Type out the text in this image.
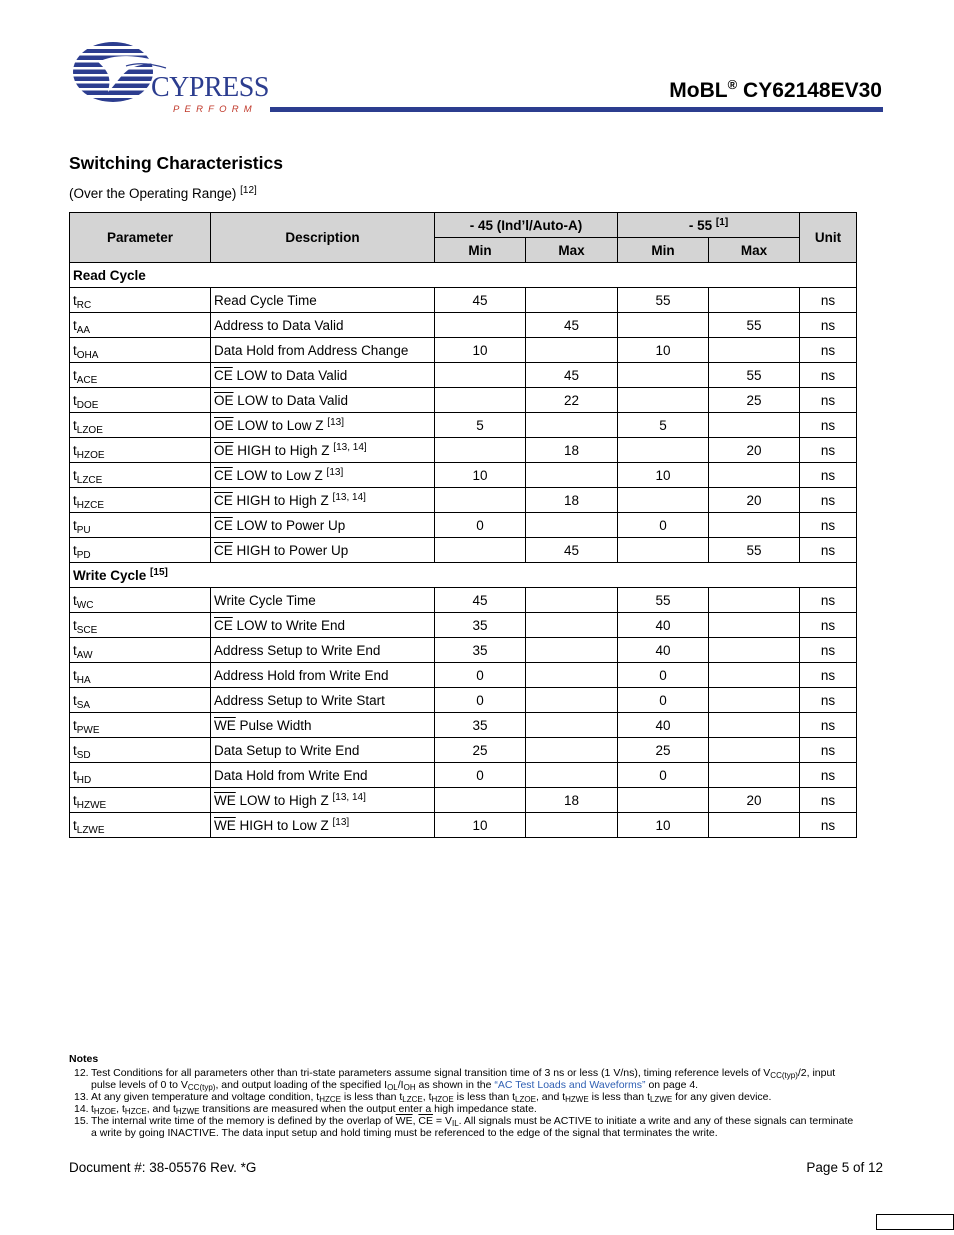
CYPRESS
PERFORM
MoBL® CY62148EV30
Switching Characteristics
(Over the Operating Range) [12]
Parameter	Description	- 45 (Ind’l/Auto-A)		- 55 [1]		Unit
		Min	Max	Min	Max	
Read Cycle						
$t_{RC}$	Read Cycle Time	45		55		ns
$t_{AA}$	Address to Data Valid		45		55	ns
$t_{OHA}$	Data Hold from Address Change	10		10		ns
$t_{ACE}$	$\overline{CE}$ LOW to Data Valid		45		55	ns
$t_{DOE}$	$\overline{OE}$ LOW to Data Valid		22		25	ns
$t_{LZOE}$	$\overline{OE}$ LOW to Low Z [13]	5		5		ns
$t_{HZOE}$	$\overline{OE}$ HIGH to High Z [13, 14]		18		20	ns
$t_{LZCE}$	$\overline{CE}$ LOW to Low Z [13]	10		10		ns
$t_{HZCE}$	$\overline{CE}$ HIGH to High Z [13, 14]		18		20	ns
$t_{PU}$	$\overline{CE}$ LOW to Power Up	0		0		ns
$t_{PD}$	$\overline{CE}$ HIGH to Power Up		45		55	ns
Write Cycle [15]
$t_{WC}$	Write Cycle Time	45		55		ns
$t_{SCE}$	$\overline{CE}$ LOW to Write End	35		40		ns
$t_{AW}$	Address Setup to Write End	35		40		ns
$t_{HA}$	Address Hold from Write End	0		0		ns
$t_{SA}$	Address Setup to Write Start	0		0		ns
$t_{PWE}$	$\overline{WE}$ Pulse Width	35		40		ns
$t_{SD}$	Data Setup to Write End	25		25		ns
$t_{HD}$	Data Hold from Write End	0		0		ns
$t_{HZWE}$	$\overline{WE}$ LOW to High Z [13, 14]		18		20	ns
$t_{LZWE}$	$\overline{WE}$ HIGH to Low Z [13]	10		10		ns
Notes
12. Test Conditions for all parameters other than tri-state parameters assume signal transition time of 3 ns or less (1 V/ns), timing reference levels of $V_{CC(typ)}/2$, input pulse levels of 0 to $V_{CC(typ)}$, and output loading of the specified $I_{OL}/I_{OH}$ as shown in the “AC Test Loads and Waveforms” on page 4.
13. At any given temperature and voltage condition, $t_{HZCE}$ is less than $t_{LZCE}$, $t_{HZOE}$ is less than $t_{LZOE}$, and $t_{HZWE}$ is less than $t_{LZWE}$ for any given device.
14. $t_{HZOE}$, $t_{HZCE}$, and $t_{HZWE}$ transitions are measured when the output enter a high impedance state.
15. The internal write time of the memory is defined by the overlap of $\overline{WE}$, $\overline{CE} = V_{IL}$. All signals must be ACTIVE to initiate a write and any of these signals can terminate a write by going INACTIVE. The data input setup and hold timing must be referenced to the edge of the signal that terminates the write.
Document #: 38-05576 Rev. *G	Page 5 of 12
